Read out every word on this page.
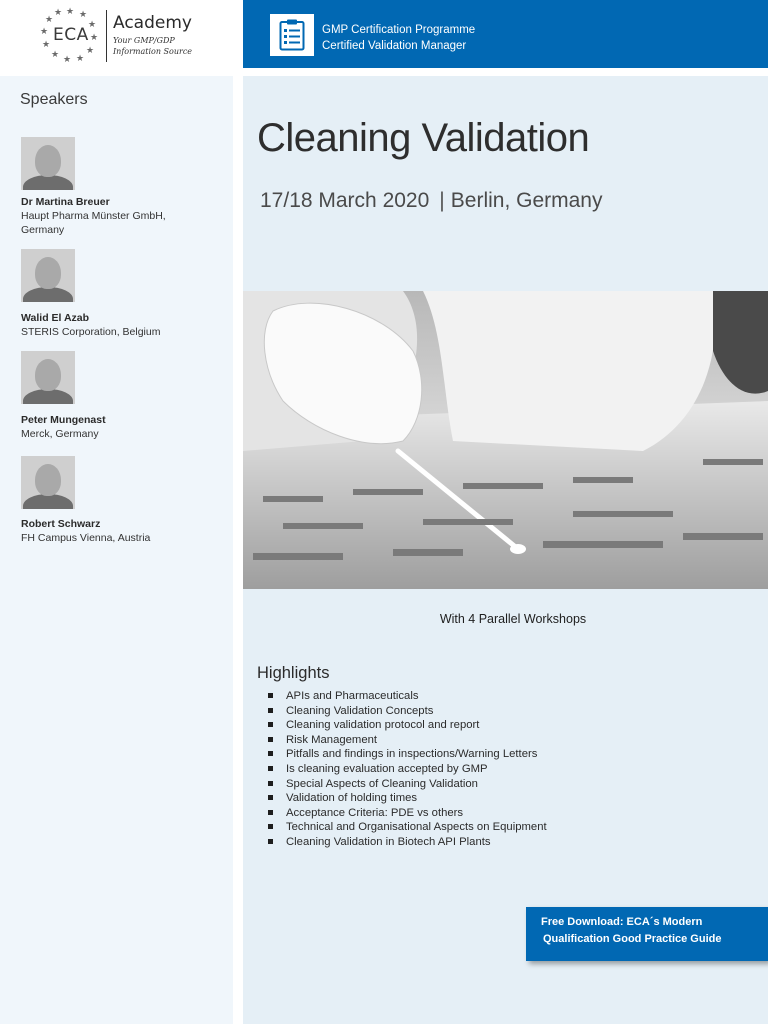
★ ★
★
★
★
★
★
★
★
★
★
★
ECA
Academy
Your GMP/GDP
Information Source
GMP Certification Programme
Certified Validation Manager
Speakers
Dr Martina Breuer
Haupt Pharma Münster GmbH,
Germany
Walid El Azab
STERIS Corporation, Belgium
Peter Mungenast
Merck, Germany
Robert Schwarz
FH Campus Vienna, Austria
Cleaning Validation
17/18 March 2020 | Berlin, Germany
With 4 Parallel Workshops
Highlights
APIs and Pharmaceuticals
Cleaning Validation Concepts
Cleaning validation protocol and report
Risk Management
Pitfalls and findings in inspections/Warning Letters
Is cleaning evaluation accepted by GMP
Special Aspects of Cleaning Validation
Validation of holding times
Acceptance Criteria: PDE vs others
Technical and Organisational Aspects on Equipment
Cleaning Validation in Biotech API Plants
Free Download: ECA´s Modern
Qualification Good Practice Guide
